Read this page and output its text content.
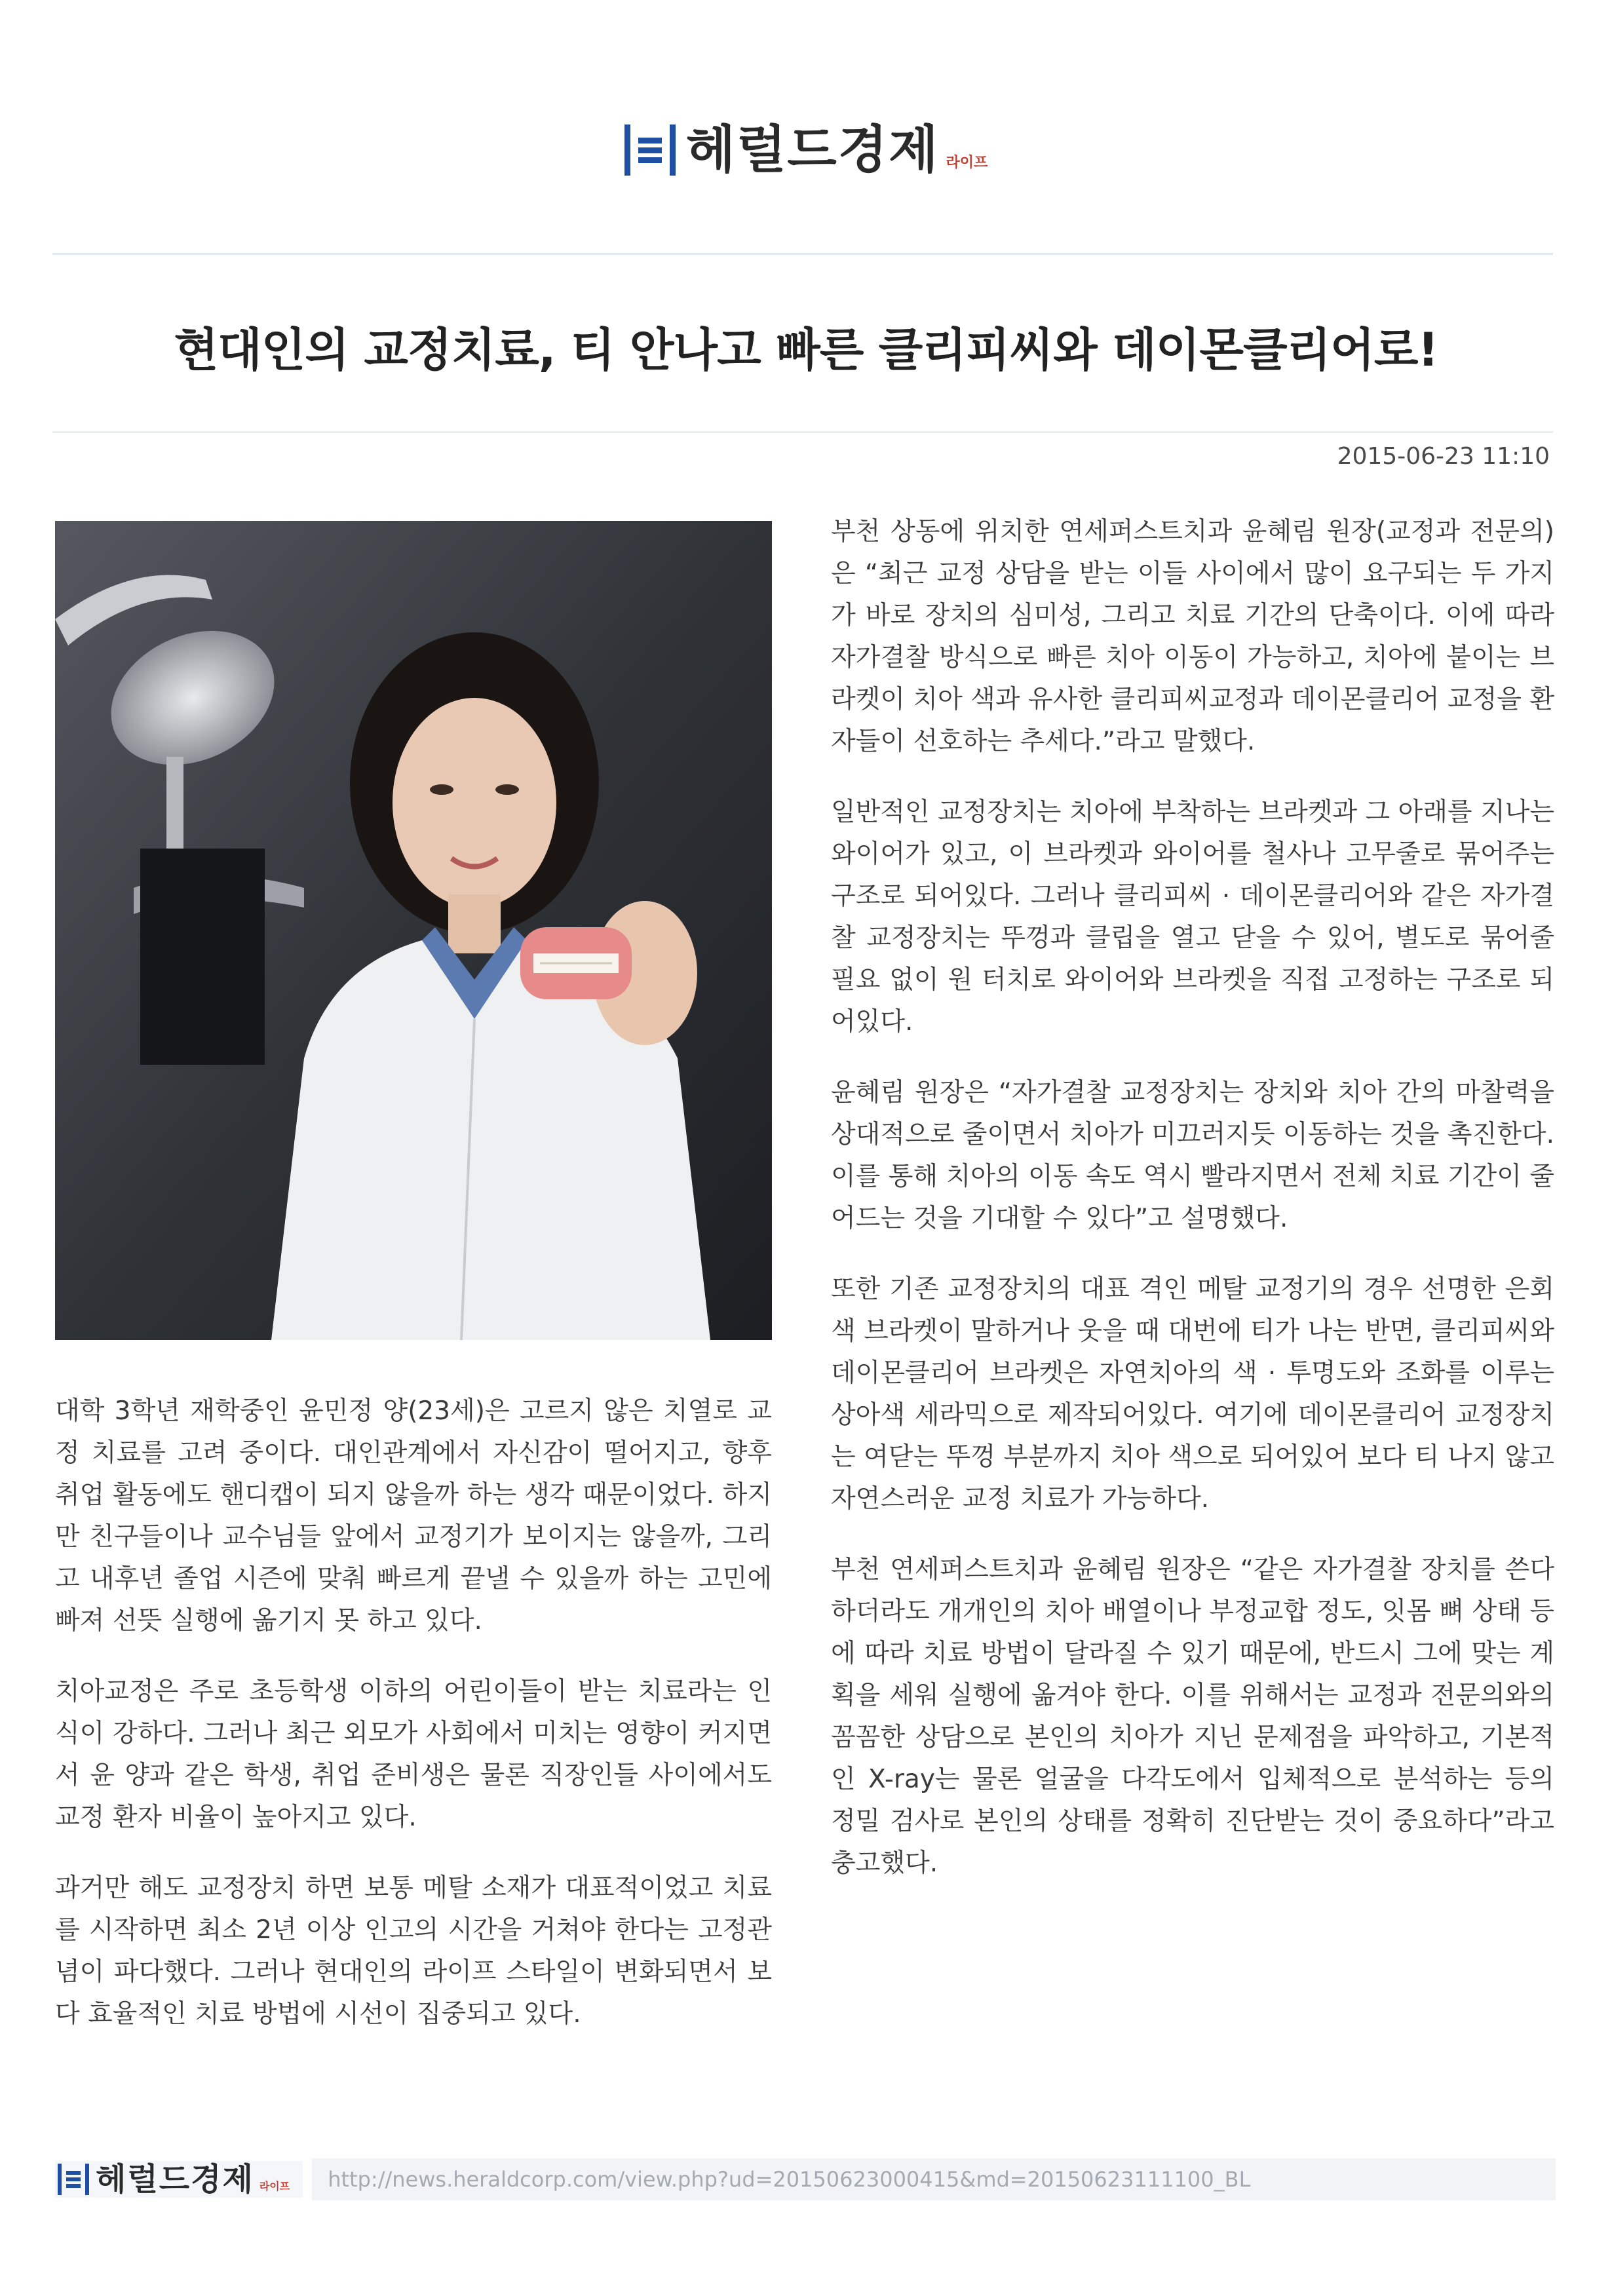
헤럴드경제 라이프
현대인의 교정치료, 티 안나고 빠른 클리피씨와 데이몬클리어로!
2015-06-23 11:10

대학 3학년 재학중인 윤민정 양(23세)은 고르지 않은 치열로 교정 치료를 고려 중이다. 대인관계에서 자신감이 떨어지고, 향후 취업 활동에도 핸디캡이 되지 않을까 하는 생각 때문이었다. 하지만 친구들이나 교수님들 앞에서 교정기가 보이지는 않을까, 그리고 내후년 졸업 시즌에 맞춰 빠르게 끝낼 수 있을까 하는 고민에 빠져 선뜻 실행에 옮기지 못 하고 있다.

치아교정은 주로 초등학생 이하의 어린이들이 받는 치료라는 인식이 강하다. 그러나 최근 외모가 사회에서 미치는 영향이 커지면서 윤 양과 같은 학생, 취업 준비생은 물론 직장인들 사이에서도 교정 환자 비율이 높아지고 있다.

과거만 해도 교정장치 하면 보통 메탈 소재가 대표적이었고 치료를 시작하면 최소 2년 이상 인고의 시간을 거쳐야 한다는 고정관념이 파다했다. 그러나 현대인의 라이프 스타일이 변화되면서 보다 효율적인 치료 방법에 시선이 집중되고 있다.

부천 상동에 위치한 연세퍼스트치과 윤혜림 원장(교정과 전문의)은 “최근 교정 상담을 받는 이들 사이에서 많이 요구되는 두 가지가 바로 장치의 심미성, 그리고 치료 기간의 단축이다. 이에 따라 자가결찰 방식으로 빠른 치아 이동이 가능하고, 치아에 붙이는 브라켓이 치아 색과 유사한 클리피씨교정과 데이몬클리어 교정을 환자들이 선호하는 추세다.”라고 말했다.

일반적인 교정장치는 치아에 부착하는 브라켓과 그 아래를 지나는 와이어가 있고, 이 브라켓과 와이어를 철사나 고무줄로 묶어주는 구조로 되어있다. 그러나 클리피씨 · 데이몬클리어와 같은 자가결찰 교정장치는 뚜껑과 클립을 열고 닫을 수 있어, 별도로 묶어줄 필요 없이 원 터치로 와이어와 브라켓을 직접 고정하는 구조로 되어있다.

윤혜림 원장은 “자가결찰 교정장치는 장치와 치아 간의 마찰력을 상대적으로 줄이면서 치아가 미끄러지듯 이동하는 것을 촉진한다. 이를 통해 치아의 이동 속도 역시 빨라지면서 전체 치료 기간이 줄어드는 것을 기대할 수 있다”고 설명했다.

또한 기존 교정장치의 대표 격인 메탈 교정기의 경우 선명한 은회색 브라켓이 말하거나 웃을 때 대번에 티가 나는 반면, 클리피씨와 데이몬클리어 브라켓은 자연치아의 색 · 투명도와 조화를 이루는 상아색 세라믹으로 제작되어있다. 여기에 데이몬클리어 교정장치는 여닫는 뚜껑 부분까지 치아 색으로 되어있어 보다 티 나지 않고 자연스러운 교정 치료가 가능하다.

부천 연세퍼스트치과 윤혜림 원장은 “같은 자가결찰 장치를 쓴다 하더라도 개개인의 치아 배열이나 부정교합 정도, 잇몸 뼈 상태 등에 따라 치료 방법이 달라질 수 있기 때문에, 반드시 그에 맞는 계획을 세워 실행에 옮겨야 한다. 이를 위해서는 교정과 전문의와의 꼼꼼한 상담으로 본인의 치아가 지닌 문제점을 파악하고, 기본적인 X-ray는 물론 얼굴을 다각도에서 입체적으로 분석하는 등의 정밀 검사로 본인의 상태를 정확히 진단받는 것이 중요하다”라고 충고했다.

헤럴드경제 라이프	http://news.heraldcorp.com/view.php?ud=20150623000415&md=20150623111100_BL
